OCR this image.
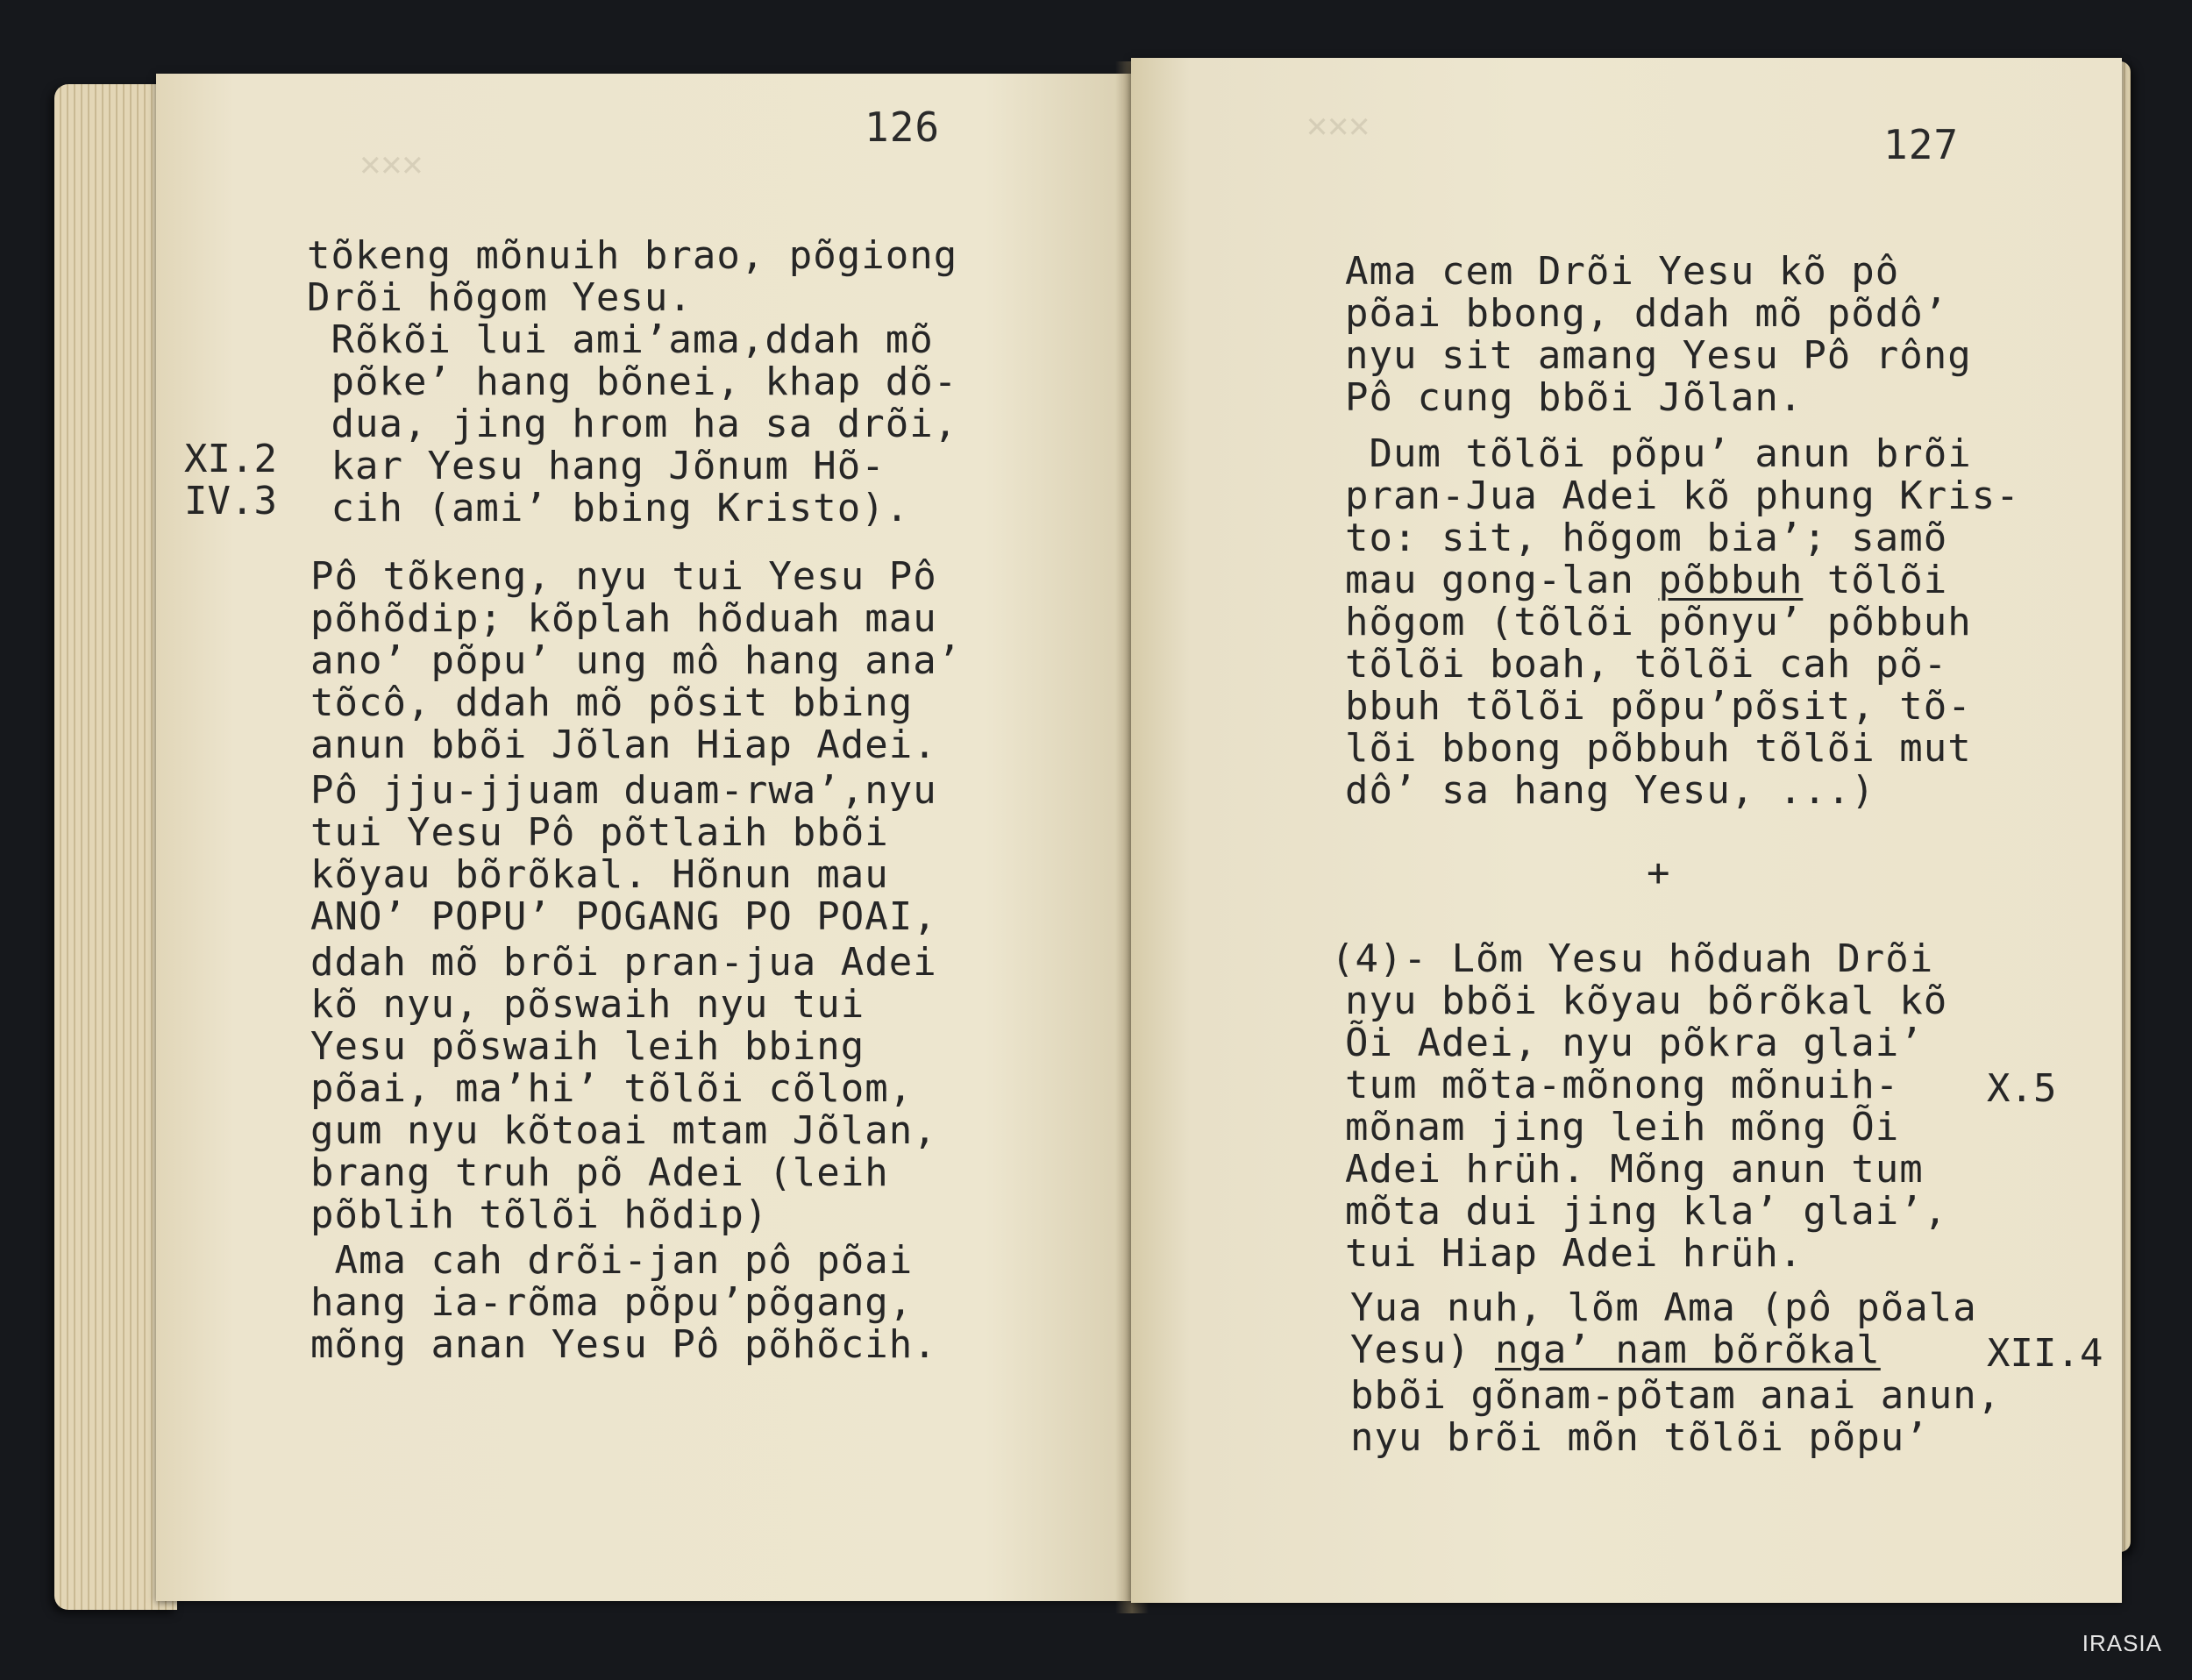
✕✕✕
126
XI.2
IV.3
tõkeng mõnuih brao, põgiong
Drõi hõgom Yesu.
Rõkõi lui ami’ama,ddah mõ
põke’ hang bõnei, khap dõ-
dua, jing hrom ha sa drõi,
kar Yesu hang Jõnum Hõ-
cih (ami’ bbing Kristo).
Pô tõkeng, nyu tui Yesu Pô
põhõdip; kõplah hõduah mau
ano’ põpu’ ung mô hang ana’
tõcô, ddah mõ põsit bbing
anun bbõi Jõlan Hiap Adei.
Pô jju-jjuam duam-rwa’,nyu
tui Yesu Pô põtlaih bbõi
kõyau bõrõkal. Hõnun mau
ANO’ POPU’ POGANG PO POAI,
ddah mõ brõi pran-jua Adei
kõ nyu, põswaih nyu tui
Yesu põswaih leih bbing
põai, ma’hi’ tõlõi cõlom,
gum nyu kõtoai mtam Jõlan,
brang truh põ Adei (leih
põblih tõlõi hõdip)
Ama cah drõi-jan pô põai
hang ia-rõma põpu’põgang,
mõng anan Yesu Pô põhõcih.
✕✕✕	127
Ama cem Drõi Yesu kõ pô
põai bbong, ddah mõ põdô’
nyu sit amang Yesu Pô rông
Pô cung bbõi Jõlan.
Dum tõlõi põpu’ anun brõi
pran-Jua Adei kõ phung Kris-
to: sit, hõgom bia’; samõ
mau gong-lan põbbuh tõlõi
hõgom (tõlõi põnyu’ põbbuh
tõlõi boah, tõlõi cah põ-
bbuh tõlõi põpu’põsit, tõ-
lõi bbong põbbuh tõlõi mut
dô’ sa hang Yesu, ...)
+
(4)- Lõm Yesu hõduah Drõi
nyu bbõi kõyau bõrõkal kõ
Õi Adei, nyu põkra glai’
tum mõta-mõnong mõnuih- X.5
mõnam jing leih mõng Õi
Adei hrüh. Mõng anun tum
mõta dui jing kla’ glai’,
tui Hiap Adei hrüh.
Yua nuh, lõm Ama (pô põala
Yesu) nga’ nam bõrõkal	XII.4
bbõi gõnam-põtam anai anun,
nyu brõi mõn tõlõi põpu’
IRASIA
